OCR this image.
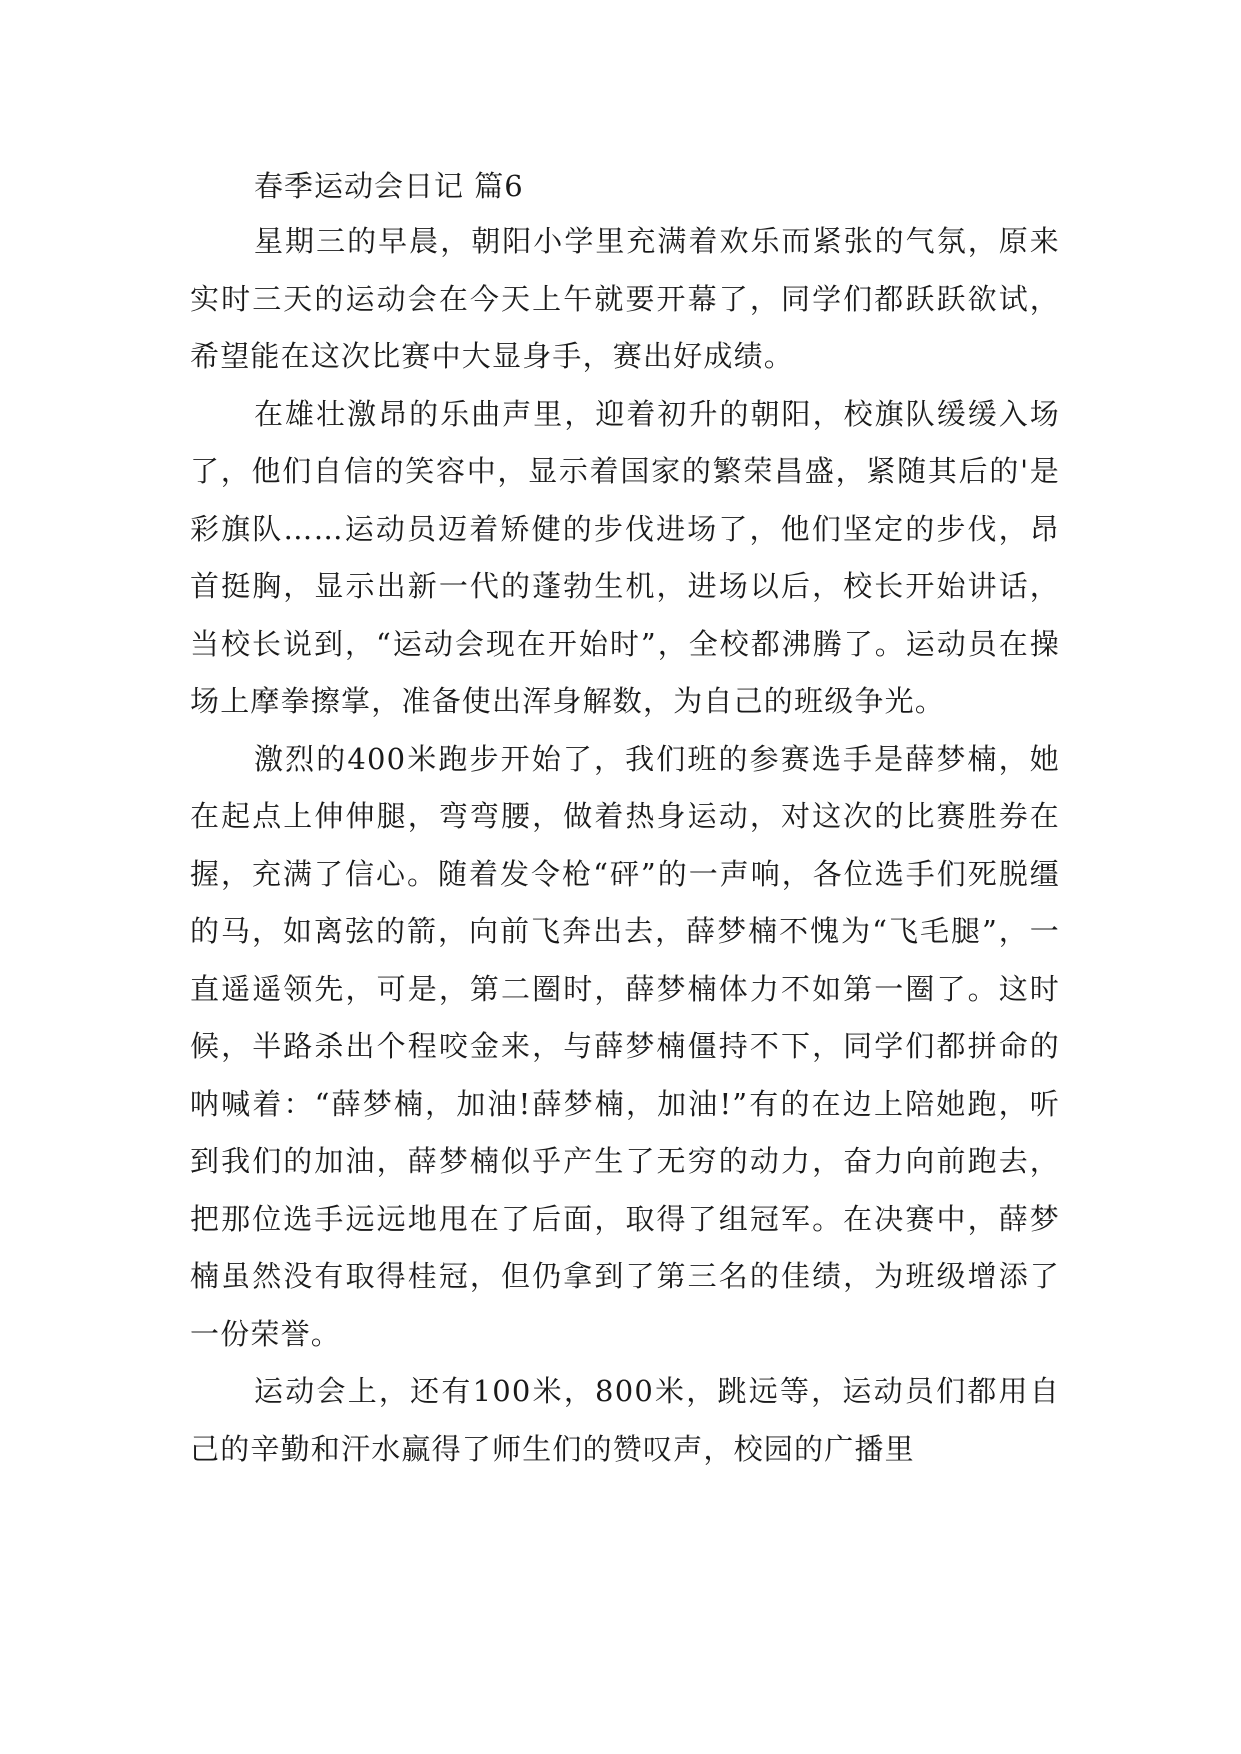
春季运动会日记 篇6

星期三的早晨，朝阳小学里充满着欢乐而紧张的气氛，原来实时三天的运动会在今天上午就要开幕了，同学们都跃跃欲试，希望能在这次比赛中大显身手，赛出好成绩。

在雄壮激昂的乐曲声里，迎着初升的朝阳，校旗队缓缓入场了，他们自信的笑容中，显示着国家的繁荣昌盛，紧随其后的'是彩旗队……运动员迈着矫健的步伐进场了，他们坚定的步伐，昂首挺胸，显示出新一代的蓬勃生机，进场以后，校长开始讲话，当校长说到，“运动会现在开始时”，全校都沸腾了。运动员在操场上摩拳擦掌，准备使出浑身解数，为自己的班级争光。

激烈的400米跑步开始了，我们班的参赛选手是薛梦楠，她在起点上伸伸腿，弯弯腰，做着热身运动，对这次的比赛胜券在握，充满了信心。随着发令枪“砰”的一声响，各位选手们死脱缰的马，如离弦的箭，向前飞奔出去，薛梦楠不愧为“飞毛腿”，一直遥遥领先，可是，第二圈时，薛梦楠体力不如第一圈了。这时候，半路杀出个程咬金来，与薛梦楠僵持不下，同学们都拼命的呐喊着：“薛梦楠，加油!薛梦楠，加油!”有的在边上陪她跑，听到我们的加油，薛梦楠似乎产生了无穷的动力，奋力向前跑去，把那位选手远远地甩在了后面，取得了组冠军。在决赛中，薛梦楠虽然没有取得桂冠，但仍拿到了第三名的佳绩，为班级增添了一份荣誉。

运动会上，还有100米，800米，跳远等，运动员们都用自己的辛勤和汗水赢得了师生们的赞叹声，校园的广播里
